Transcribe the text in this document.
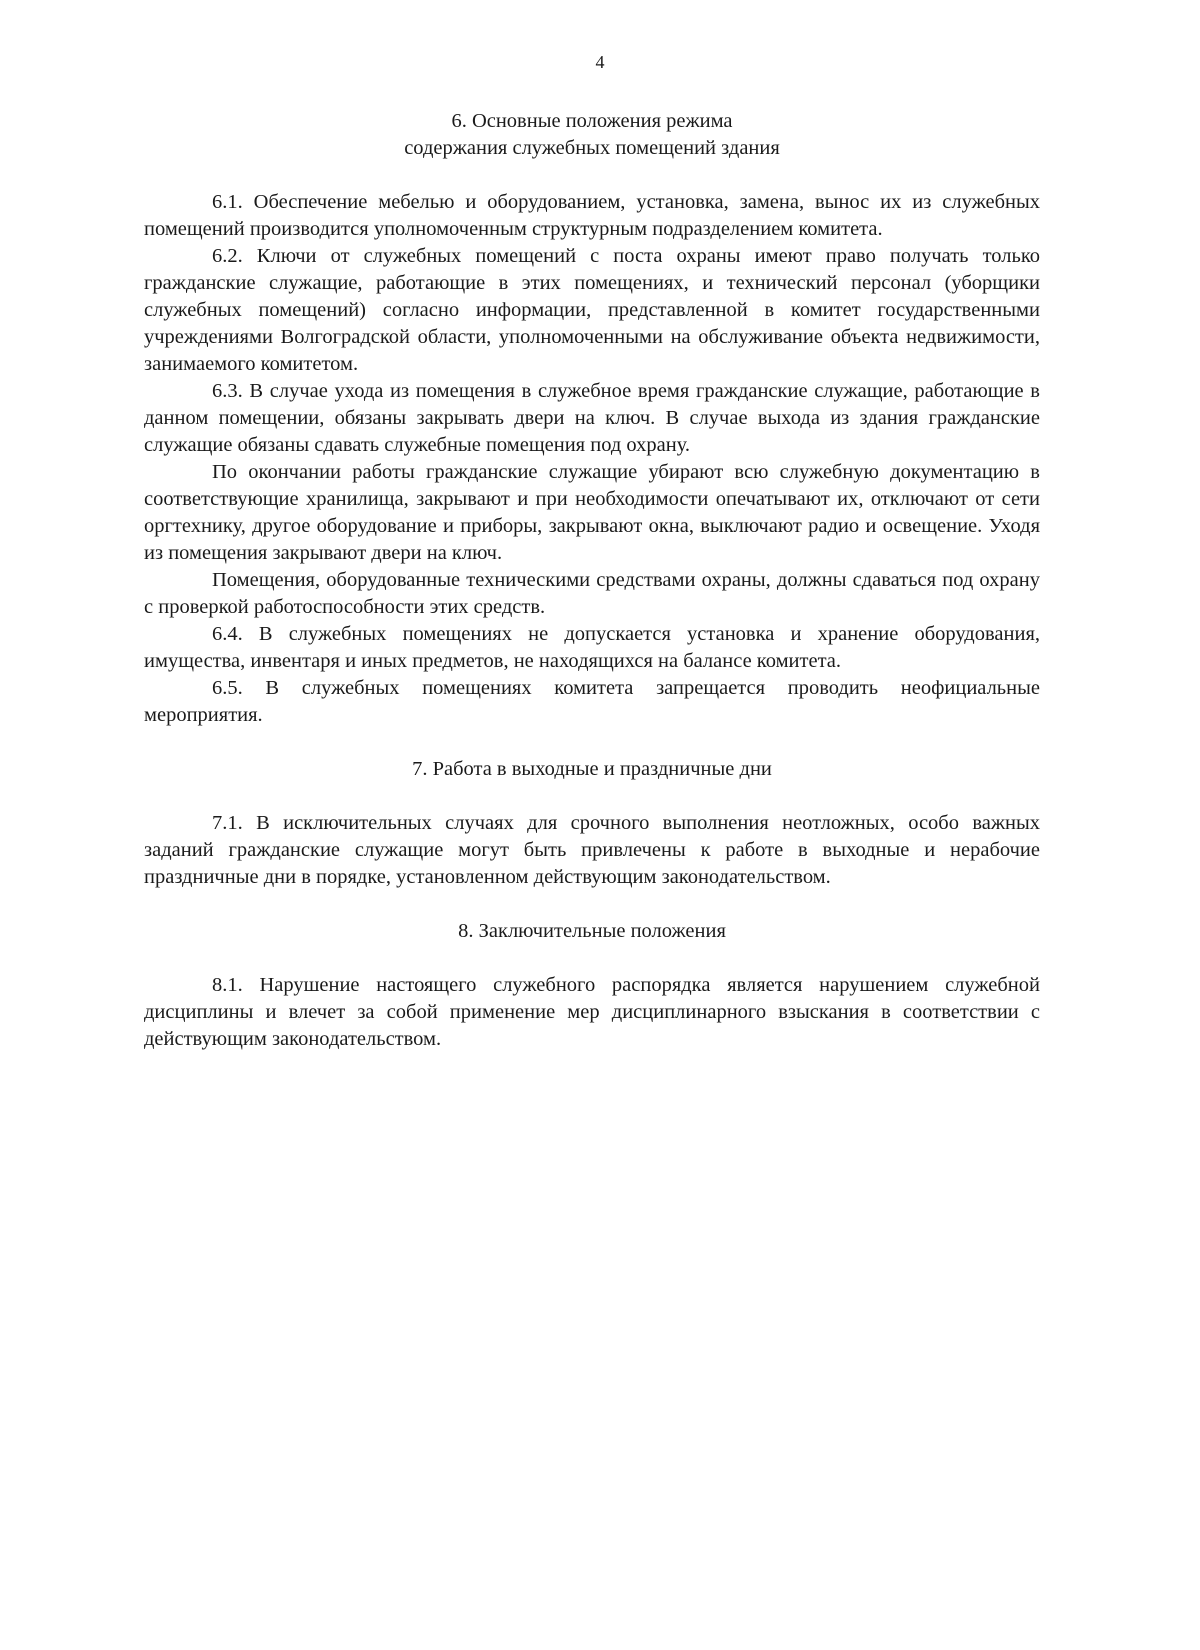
4
6. Основные положения режима
содержания служебных помещений здания

6.1. Обеспечение мебелью и оборудованием, установка, замена, вынос их из служебных помещений производится уполномоченным структурным подразделением комитета.

6.2. Ключи от служебных помещений с поста охраны имеют право получать только гражданские служащие, работающие в этих помещениях, и технический персонал (уборщики служебных помещений) согласно информации, представленной в комитет государственными учреждениями Волгоградской области, уполномоченными на обслуживание объекта недвижимости, занимаемого комитетом.

6.3. В случае ухода из помещения в служебное время гражданские служащие, работающие в данном помещении, обязаны закрывать двери на ключ. В случае выхода из здания гражданские служащие обязаны сдавать служебные помещения под охрану.

По окончании работы гражданские служащие убирают всю служебную документацию в соответствующие хранилища, закрывают и при необходимости опечатывают их, отключают от сети оргтехнику, другое оборудование и приборы, закрывают окна, выключают радио и освещение. Уходя из помещения закрывают двери на ключ.

Помещения, оборудованные техническими средствами охраны, должны сдаваться под охрану с проверкой работоспособности этих средств.

6.4. В служебных помещениях не допускается установка и хранение оборудования, имущества, инвентаря и иных предметов, не находящихся на балансе комитета.

6.5. В служебных помещениях комитета запрещается проводить неофициальные мероприятия.

7. Работа в выходные и праздничные дни

7.1. В исключительных случаях для срочного выполнения неотложных, особо важных заданий гражданские служащие могут быть привлечены к работе в выходные и нерабочие праздничные дни в порядке, установленном действующим законодательством.

8. Заключительные положения

8.1. Нарушение настоящего служебного распорядка является нарушением служебной дисциплины и влечет за собой применение мер дисциплинарного взыскания в соответствии с действующим законодательством.
